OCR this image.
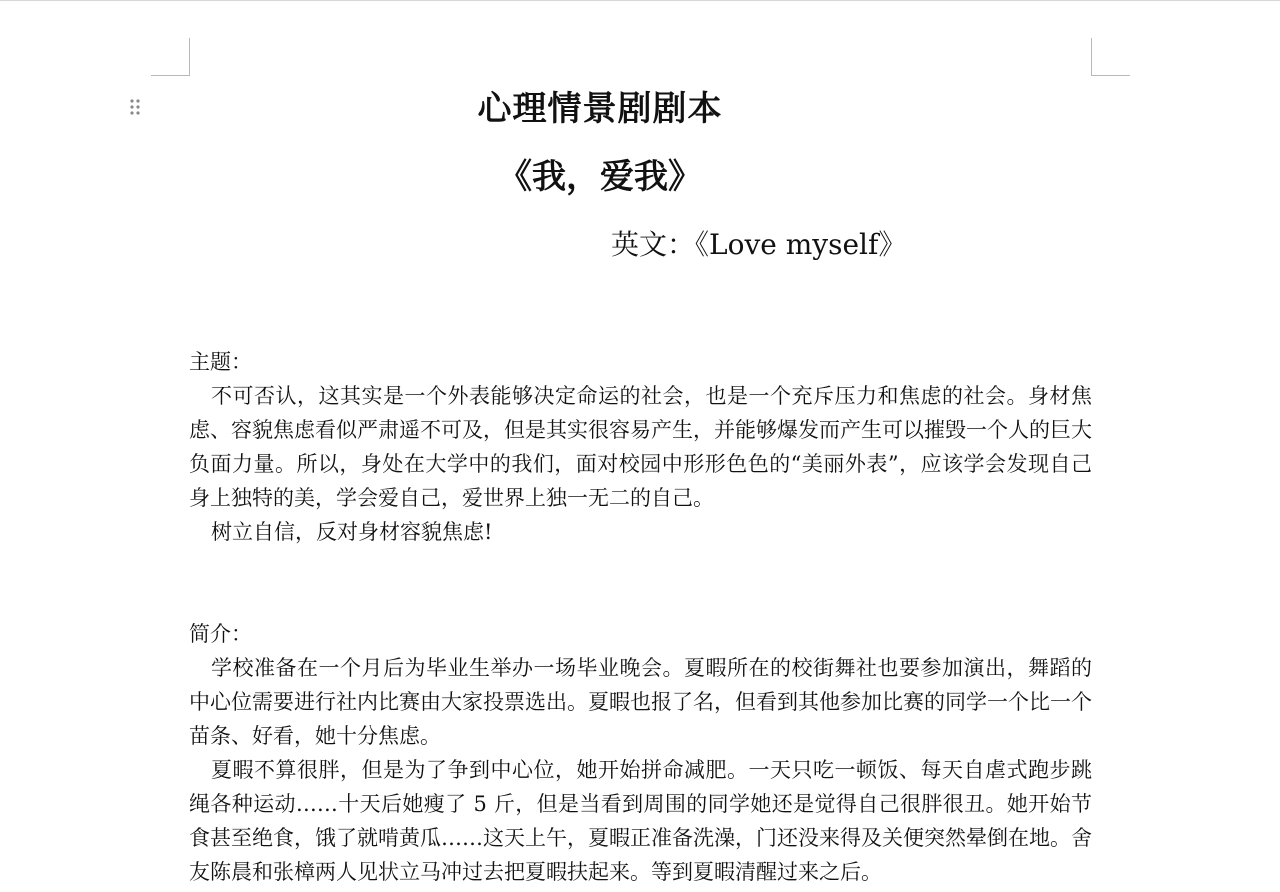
心理情景剧剧本
《我，爱我》
英文：《Love myself》
主题：

不可否认，这其实是一个外表能够决定命运的社会，也是一个充斥压力和焦虑的社会。身材焦虑、容貌焦虑看似严肃遥不可及，但是其实很容易产生，并能够爆发而产生可以摧毁一个人的巨大负面力量。所以，身处在大学中的我们，面对校园中形形色色的“美丽外表”，应该学会发现自己身上独特的美，学会爱自己，爱世界上独一无二的自己。

树立自信，反对身材容貌焦虑!

简介：

学校准备在一个月后为毕业生举办一场毕业晚会。夏暇所在的校街舞社也要参加演出，舞蹈的中心位需要进行社内比赛由大家投票选出。夏暇也报了名，但看到其他参加比赛的同学一个比一个苗条、好看，她十分焦虑。

夏暇不算很胖，但是为了争到中心位，她开始拼命减肥。一天只吃一顿饭、每天自虐式跑步跳绳各种运动……十天后她瘦了 5 斤，但是当看到周围的同学她还是觉得自己很胖很丑。她开始节食甚至绝食，饿了就啃黄瓜……这天上午，夏暇正准备洗澡，门还没来得及关便突然晕倒在地。舍友陈晨和张樟两人见状立马冲过去把夏暇扶起来。等到夏暇清醒过来之后。
